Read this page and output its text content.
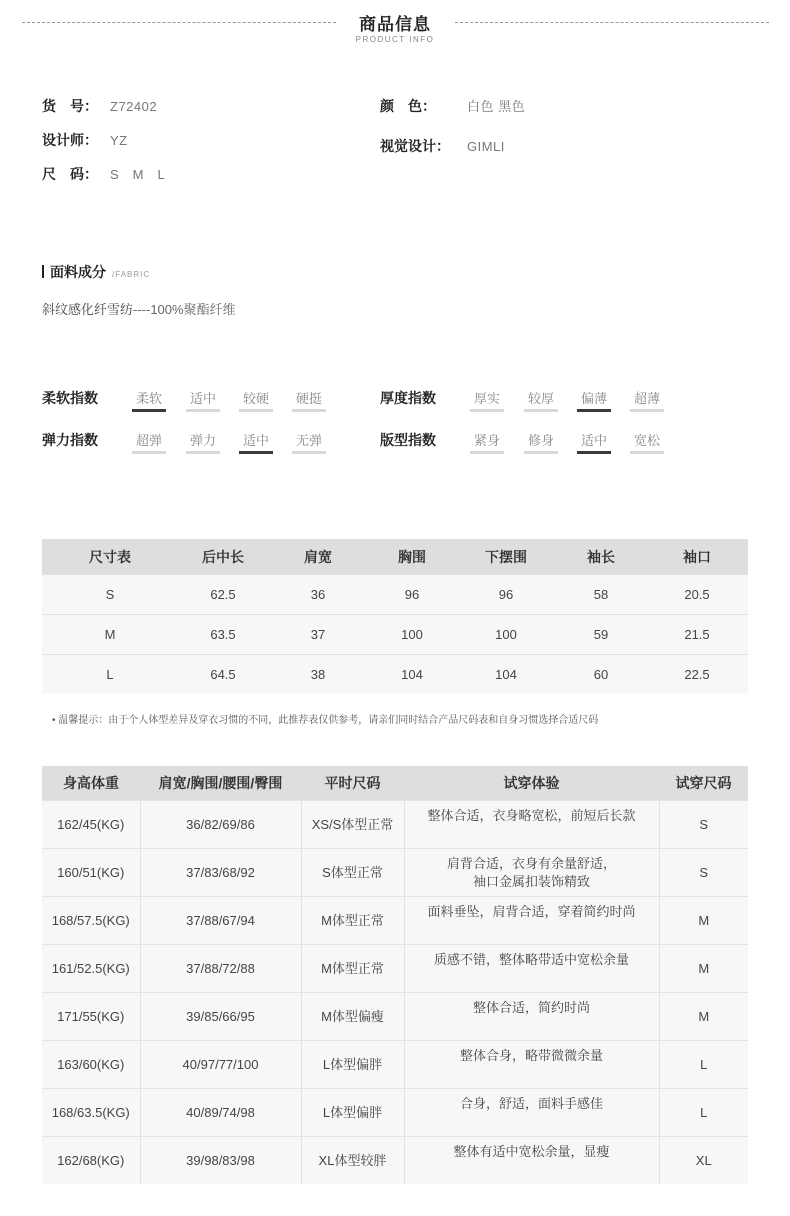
商品信息
PRODUCT INFO
货　号： Z72402
设计师： YZ
尺　码： S　M　L
颜　色： 白色 黑色
视觉设计： GIMLI
面料成分 /FABRIC
斜纹感化纤雪纺----100%聚酯纤维
柔软指数	柔软	适中	较硬	硬挺
弹力指数	超弹	弹力	适中	无弹
厚度指数	厚实	较厚	偏薄	超薄
版型指数	紧身	修身	适中	宽松
尺寸表	后中长	肩宽	胸围	下摆围	袖长	袖口
S	62.5	36	96	96	58	20.5
M	63.5	37	100	100	59	21.5
L	64.5	38	104	104	60	22.5
• 温馨提示：由于个人体型差异及穿衣习惯的不同，此推荐表仅供参考，请亲们同时结合产品尺码表和自身习惯选择合适尺码
身高体重	肩宽/胸围/腰围/臀围	平时尺码	试穿体验	试穿尺码
162/45(KG)	36/82/69/86	XS/S体型正常	整体合适，衣身略宽松，前短后长款	S
160/51(KG)	37/83/68/92	S体型正常	肩背合适，衣身有余量舒适，
袖口金属扣装饰精致	S
168/57.5(KG)	37/88/67/94	M体型正常	面料垂坠，肩背合适，穿着简约时尚	M
161/52.5(KG)	37/88/72/88	M体型正常	质感不错，整体略带适中宽松余量	M
171/55(KG)	39/85/66/95	M体型偏瘦	整体合适，简约时尚	M
163/60(KG)	40/97/77/100	L体型偏胖	整体合身，略带微微余量	L
168/63.5(KG)	40/89/74/98	L体型偏胖	合身，舒适，面料手感佳	L
162/68(KG)	39/98/83/98	XL体型较胖	整体有适中宽松余量，显瘦	XL
